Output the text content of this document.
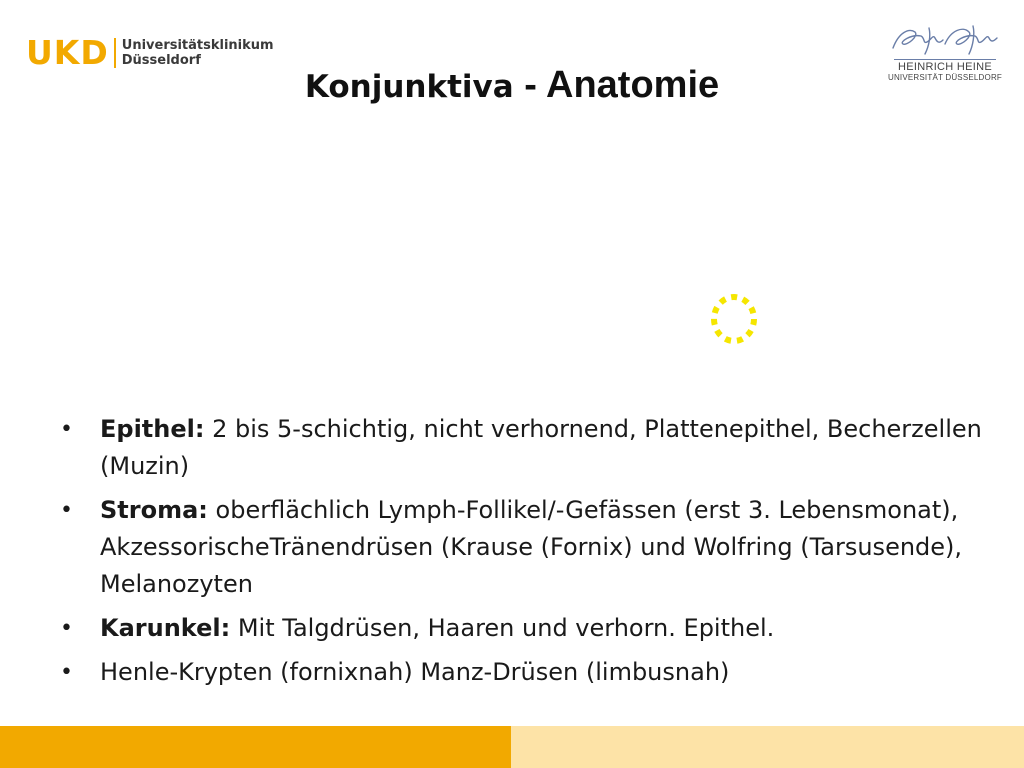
UKD Universitätsklinikum
Düsseldorf	HEINRICH HEINE
UNIVERSITÄT DÜSSELDORF
Konjunktiva - Anatomie
• Epithel: 2 bis 5-schichtig, nicht verhornend, Plattenepithel, Becherzellen (Muzin)
• Stroma: oberflächlich Lymph-Follikel/-Gefässen (erst 3. Lebensmonat), AkzessorischeTränendrüsen (Krause (Fornix) und Wolfring (Tarsusende), Melanozyten
• Karunkel: Mit Talgdrüsen, Haaren und verhorn. Epithel.
• Henle-Krypten (fornixnah) Manz-Drüsen (limbusnah)
